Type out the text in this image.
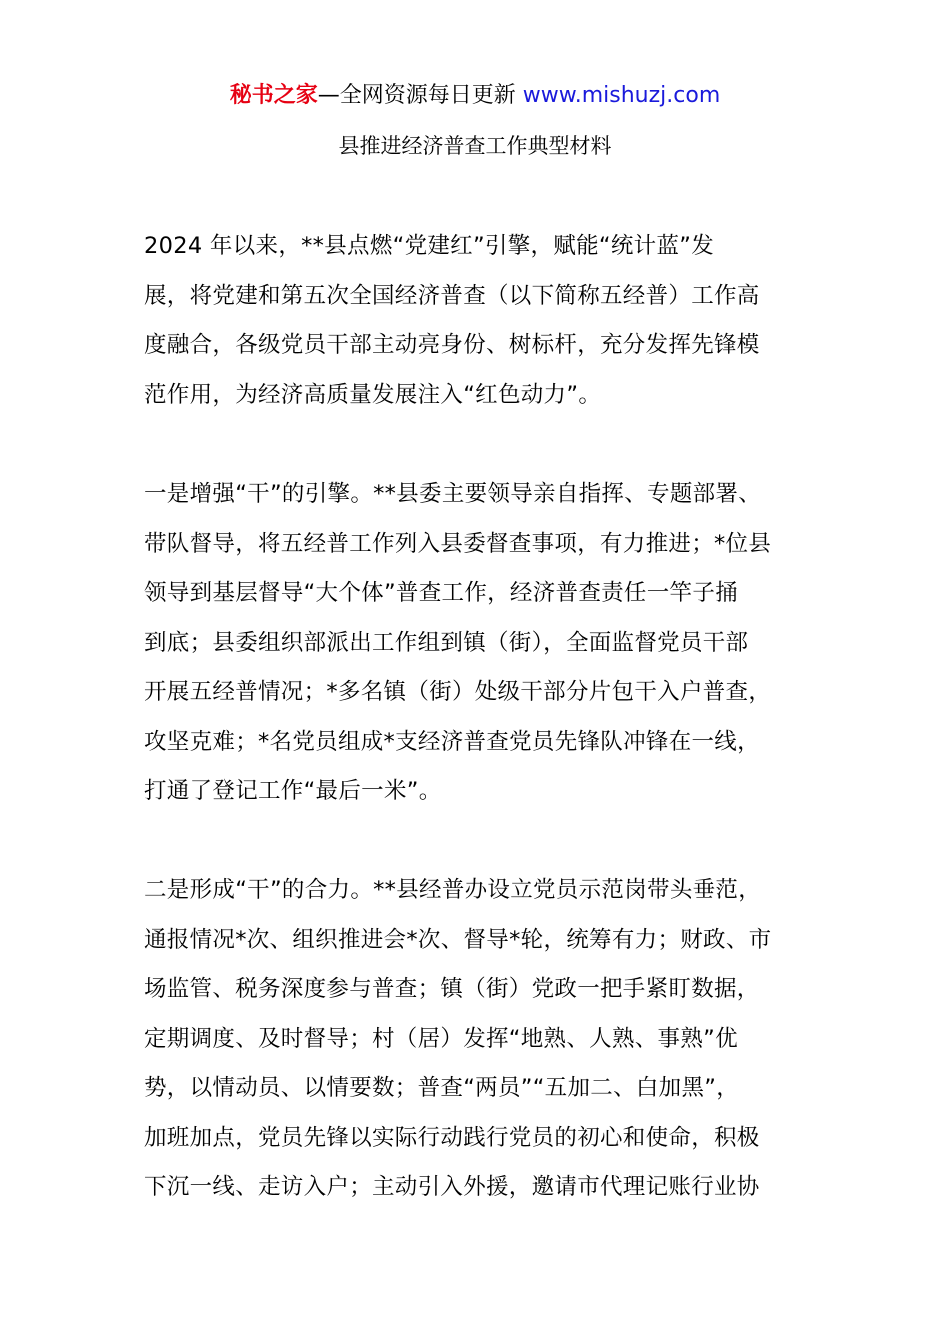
秘书之家—全网资源每日更新 www.mishuzj.com
县推进经济普查工作典型材料
2024 年以来，**县点燃“党建红”引擎，赋能“统计蓝”发
展，将党建和第五次全国经济普查（以下简称五经普）工作高
度融合，各级党员干部主动亮身份、树标杆，充分发挥先锋模
范作用，为经济高质量发展注入“红色动力”。
一是增强“干”的引擎。**县委主要领导亲自指挥、专题部署、
带队督导，将五经普工作列入县委督查事项，有力推进；*位县
领导到基层督导“大个体”普查工作，经济普查责任一竿子捅
到底；县委组织部派出工作组到镇（街），全面监督党员干部
开展五经普情况；*多名镇（街）处级干部分片包干入户普查，
攻坚克难；*名党员组成*支经济普查党员先锋队冲锋在一线，
打通了登记工作“最后一米”。
二是形成“干”的合力。**县经普办设立党员示范岗带头垂范，
通报情况*次、组织推进会*次、督导*轮，统筹有力；财政、市
场监管、税务深度参与普查；镇（街）党政一把手紧盯数据，
定期调度、及时督导；村（居）发挥“地熟、人熟、事熟”优
势，以情动员、以情要数；普查“两员”“五加二、白加黑”，
加班加点，党员先锋以实际行动践行党员的初心和使命，积极
下沉一线、走访入户；主动引入外援，邀请市代理记账行业协
